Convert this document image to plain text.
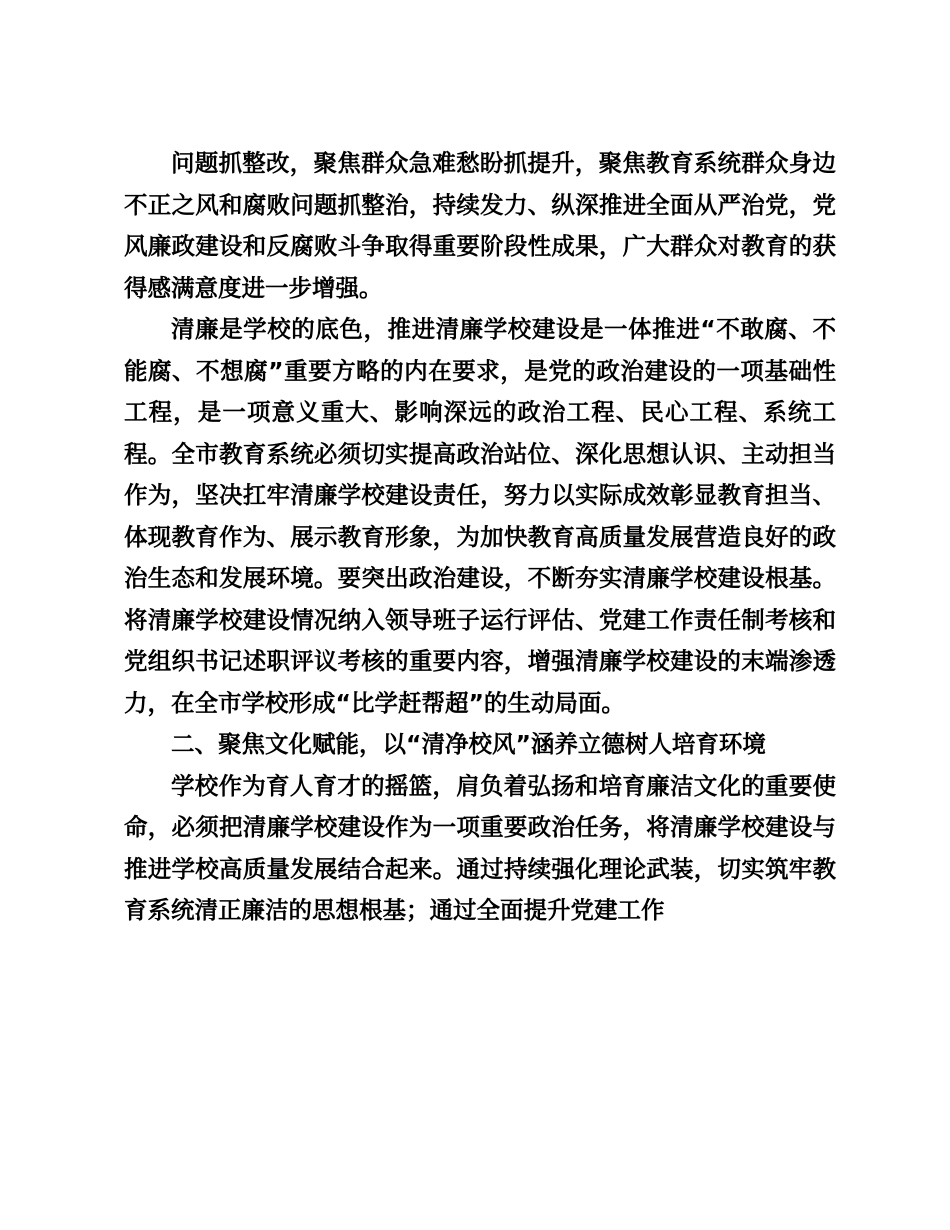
问题抓整改，聚焦群众急难愁盼抓提升，聚焦教育系统群众身边不正之风和腐败问题抓整治，持续发力、纵深推进全面从严治党，党风廉政建设和反腐败斗争取得重要阶段性成果，广大群众对教育的获得感满意度进一步增强。

清廉是学校的底色，推进清廉学校建设是一体推进“不敢腐、不能腐、不想腐”重要方略的内在要求，是党的政治建设的一项基础性工程，是一项意义重大、影响深远的政治工程、民心工程、系统工程。全市教育系统必须切实提高政治站位、深化思想认识、主动担当作为，坚决扛牢清廉学校建设责任，努力以实际成效彰显教育担当、体现教育作为、展示教育形象，为加快教育高质量发展营造良好的政治生态和发展环境。要突出政治建设，不断夯实清廉学校建设根基。将清廉学校建设情况纳入领导班子运行评估、党建工作责任制考核和党组织书记述职评议考核的重要内容，增强清廉学校建设的末端渗透力，在全市学校形成“比学赶帮超”的生动局面。

二、聚焦文化赋能，以“清净校风”涵养立德树人培育环境

学校作为育人育才的摇篮，肩负着弘扬和培育廉洁文化的重要使命，必须把清廉学校建设作为一项重要政治任务，将清廉学校建设与推进学校高质量发展结合起来。通过持续强化理论武装，切实筑牢教育系统清正廉洁的思想根基；通过全面提升党建工作
